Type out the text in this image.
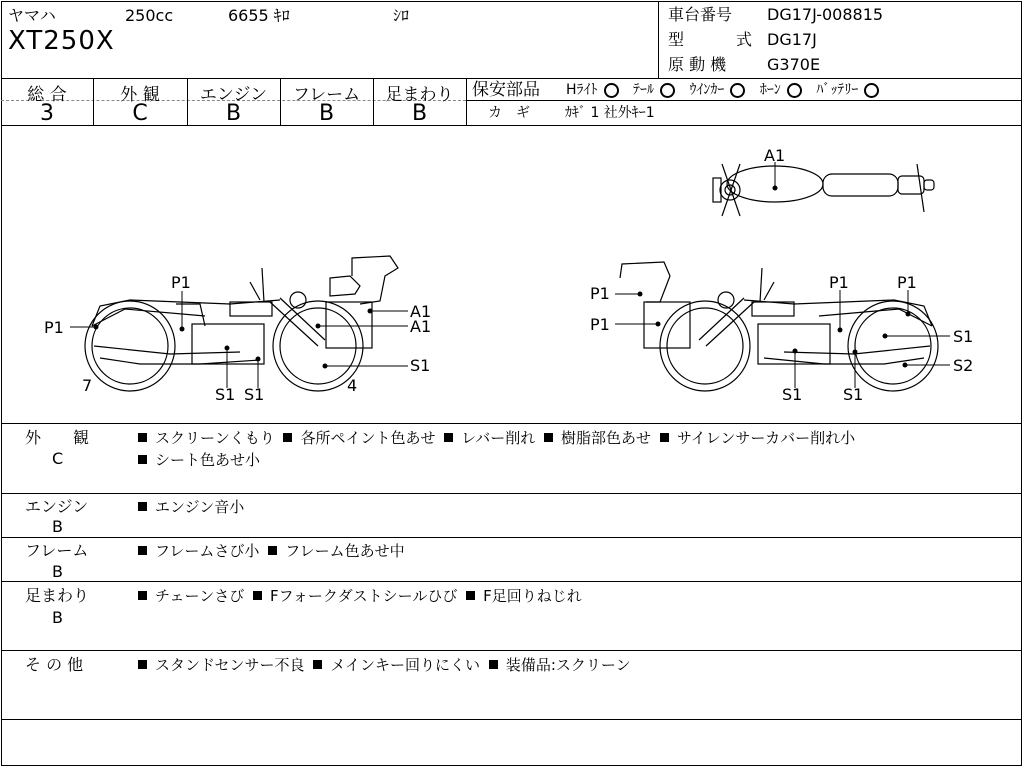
ヤマハ	250cc	6655 ｷﾛ	ｼﾛ
XT250X
車台番号 DG17J-008815
型	式 DG17J
原 動 機	G370E
総 合
3
外 観
C
エンジン
B
フレーム
B
足まわり
B
保安部品 Hﾗｲﾄ	ﾃｰﾙ	ｳｲﾝｶｰ	ﾎｰﾝ	ﾊﾞｯﾃﾘｰ
カ　ギ	ｶｷﾞ 1 社外ｷｰ1
A1
P1
P1
A1
A1
S1
S1 S1
7	4
P1
P1
P1	P1
S1
S2
S1	S1
外　　観
C
スクリーンくもり 各所ペイント色あせ レバー削れ 樹脂部色あせ サイレンサーカバー削れ小
シート色あせ小
エンジン
B
エンジン音小
フレーム
B
フレームさび小 フレーム色あせ中
足まわり
B
チェーンさび Fフォークダストシールひび F足回りねじれ
そ の 他	スタンドセンサー不良 メインキー回りにくい 装備品:スクリーン
